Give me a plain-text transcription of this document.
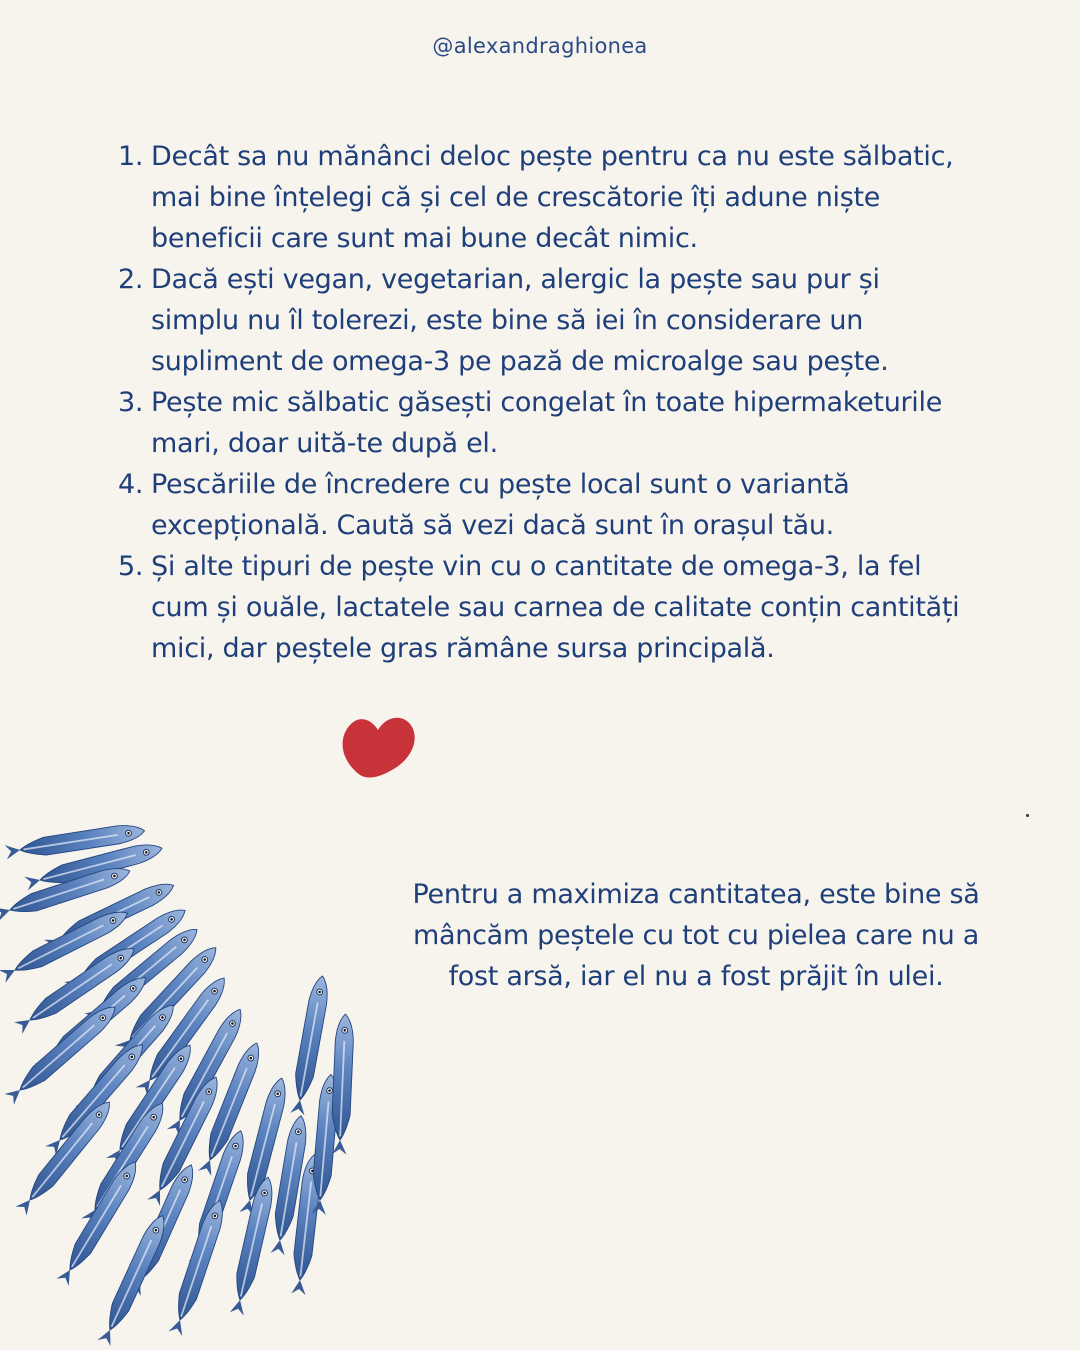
@alexandraghionea
1. Decât sa nu mănânci deloc pește pentru ca nu este sălbatic, mai bine înțelegi că și cel de crescătorie îți adune niște beneficii care sunt mai bune decât nimic.
2. Dacă ești vegan, vegetarian, alergic la pește sau pur și simplu nu îl tolerezi, este bine să iei în considerare un supliment de omega-3 pe pază de microalge sau pește.
3. Pește mic sălbatic găsești congelat în toate hipermaketurile mari, doar uită-te după el.
4. Pescăriile de încredere cu pește local sunt o variantă excepțională. Caută să vezi dacă sunt în orașul tău.
5. Și alte tipuri de pește vin cu o cantitate de omega-3, la fel cum și ouăle, lactatele sau carnea de calitate conțin cantități mici, dar peștele gras rămâne sursa principală.
Pentru a maximiza cantitatea, este bine să mâncăm peștele cu tot cu pielea care nu a fost arsă, iar el nu a fost prăjit în ulei.
